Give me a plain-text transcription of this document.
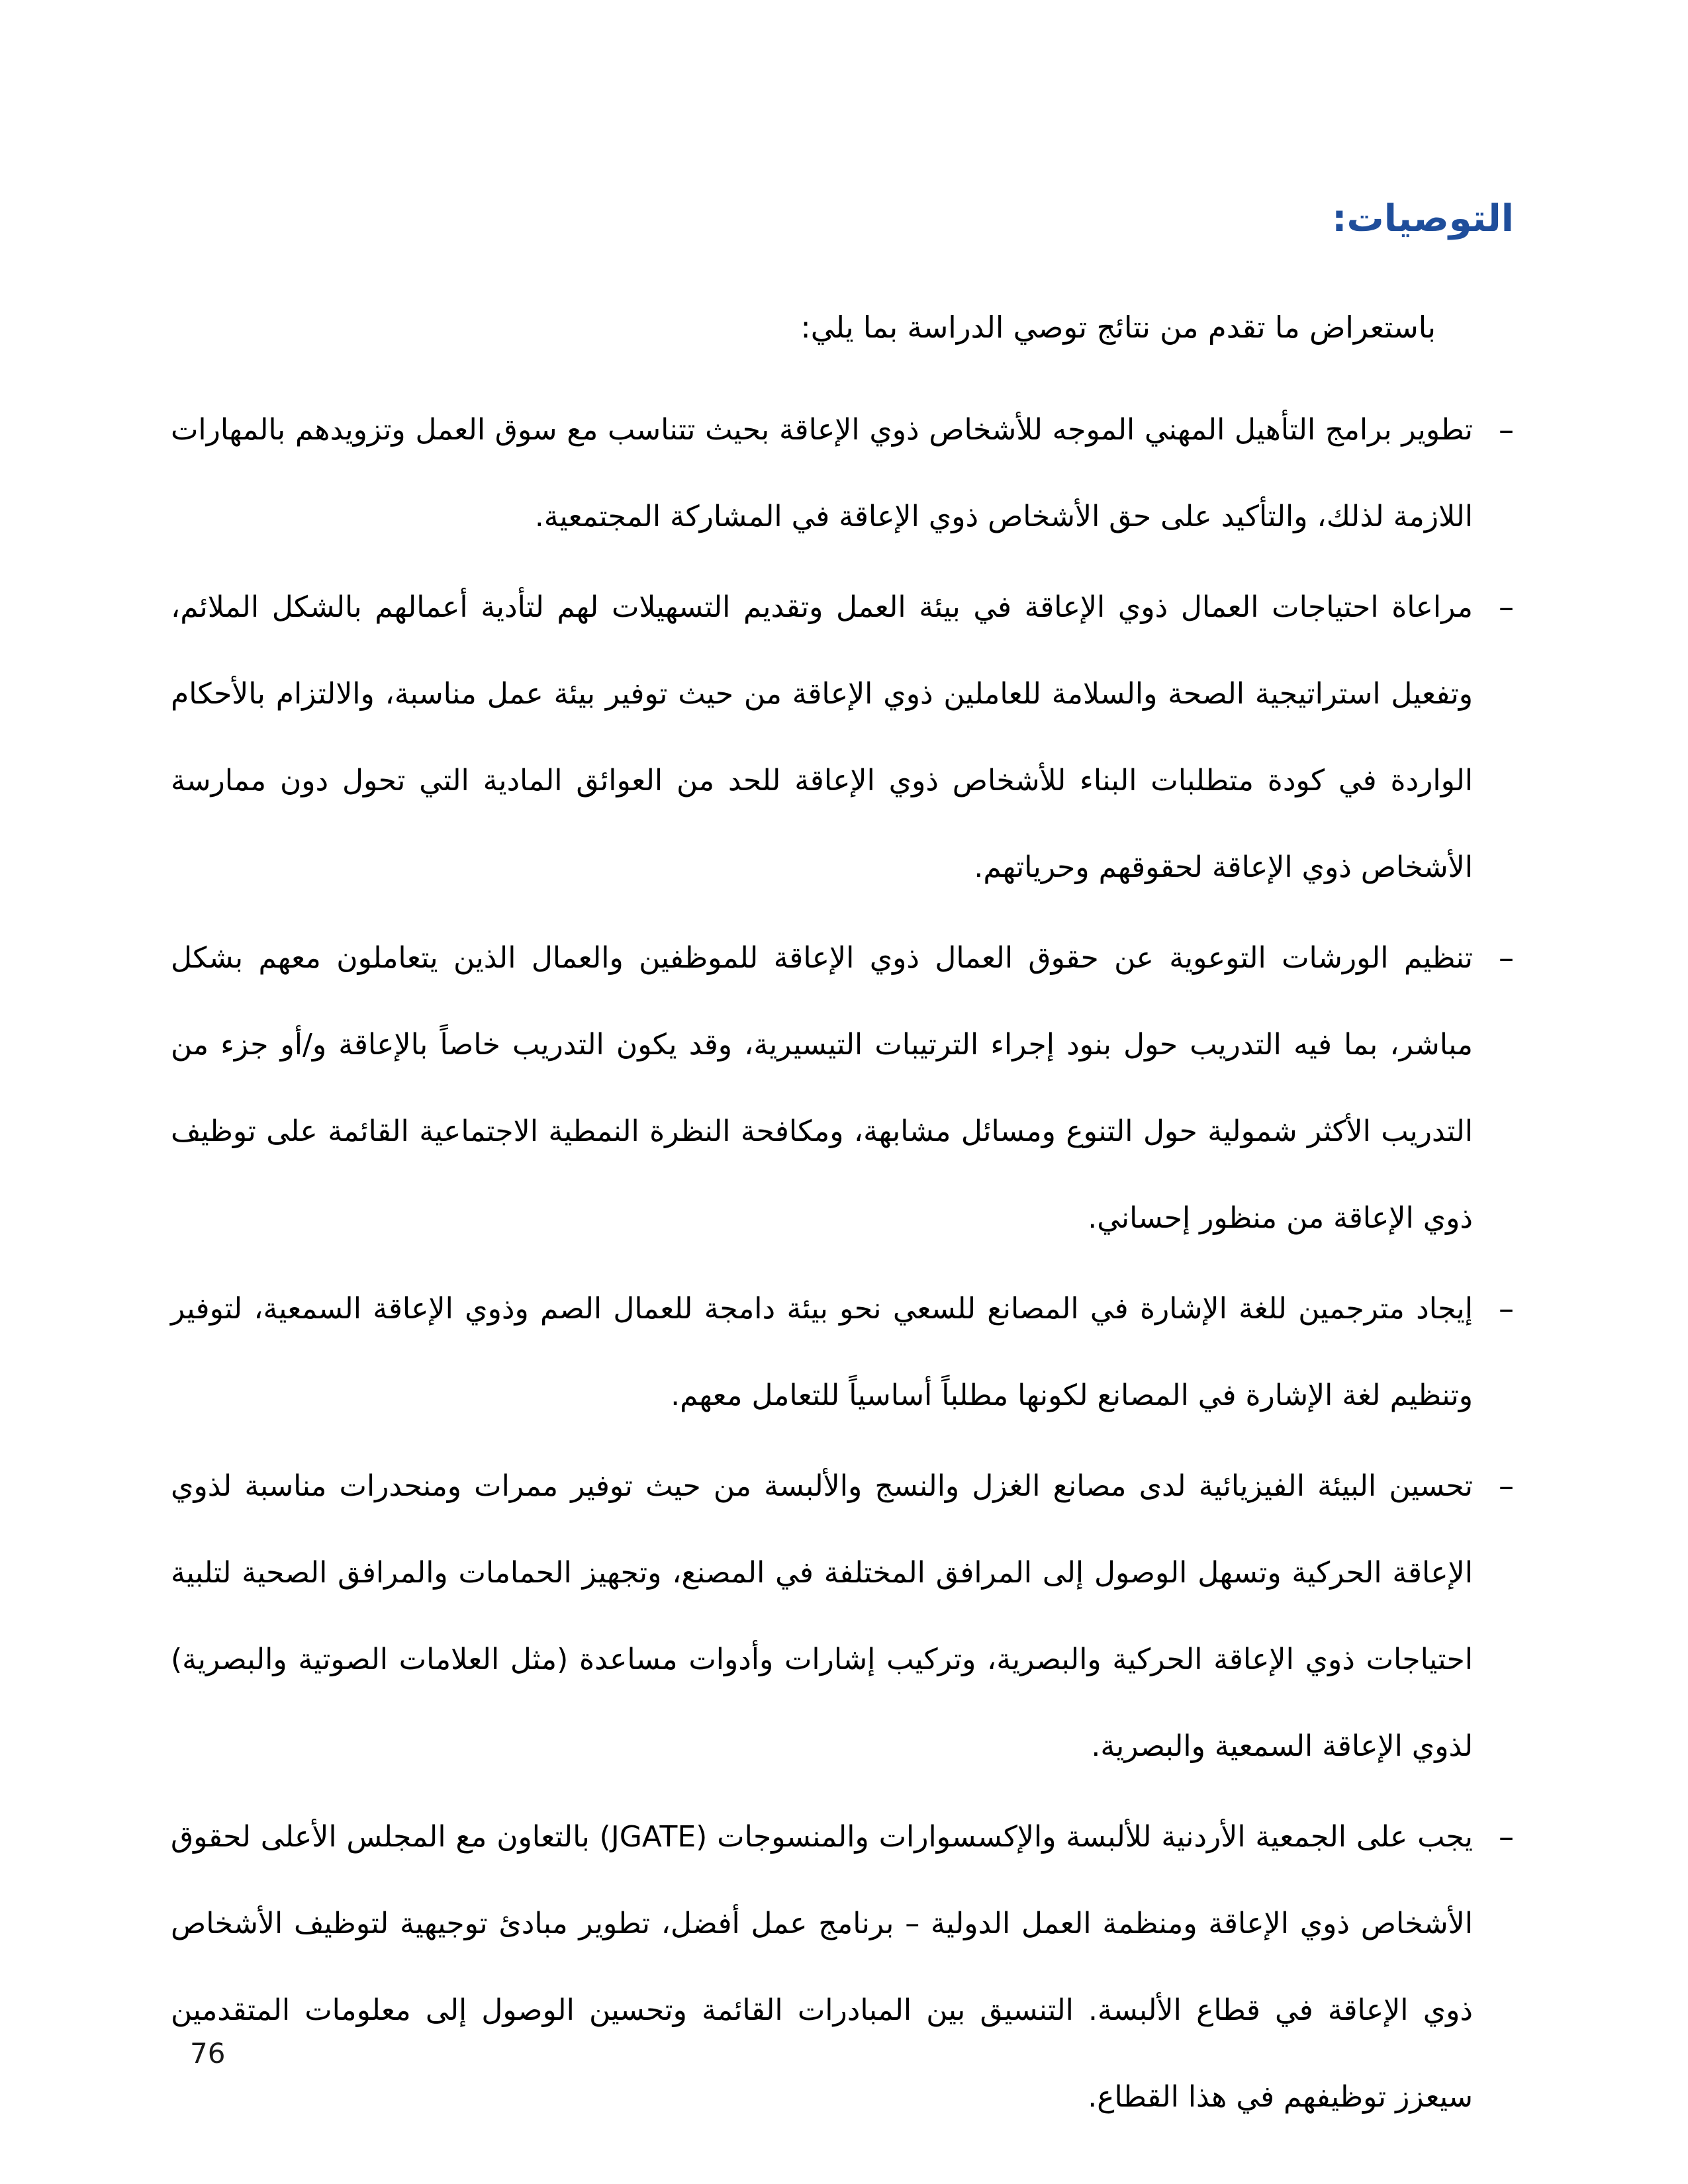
التوصيات:

باستعراض ما تقدم من نتائج توصي الدراسة بما يلي:

–

تطوير برامج التأهيل المهني الموجه للأشخاص ذوي الإعاقة بحيث تتناسب مع سوق العمل وتزويدهم بالمهارات اللازمة لذلك، والتأكيد على حق الأشخاص ذوي الإعاقة في المشاركة المجتمعية.

–

مراعاة احتياجات العمال ذوي الإعاقة في بيئة العمل وتقديم التسهيلات لهم لتأدية أعمالهم بالشكل الملائم، وتفعيل استراتيجية الصحة والسلامة للعاملين ذوي الإعاقة من حيث توفير بيئة عمل مناسبة، والالتزام بالأحكام الواردة في كودة متطلبات البناء للأشخاص ذوي الإعاقة للحد من العوائق المادية التي تحول دون ممارسة الأشخاص ذوي الإعاقة لحقوقهم وحرياتهم.

–

تنظيم الورشات التوعوية عن حقوق العمال ذوي الإعاقة للموظفين والعمال الذين يتعاملون معهم بشكل مباشر، بما فيه التدريب حول بنود إجراء الترتيبات التيسيرية، وقد يكون التدريب خاصاً بالإعاقة و/أو جزء من التدريب الأكثر شمولية حول التنوع ومسائل مشابهة، ومكافحة النظرة النمطية الاجتماعية القائمة على توظيف ذوي الإعاقة من منظور إحساني.

–

إيجاد مترجمين للغة الإشارة في المصانع للسعي نحو بيئة دامجة للعمال الصم وذوي الإعاقة السمعية، لتوفير وتنظيم لغة الإشارة في المصانع لكونها مطلباً أساسياً للتعامل معهم.

–

تحسين البيئة الفيزيائية لدى مصانع الغزل والنسج والألبسة من حيث توفير ممرات ومنحدرات مناسبة لذوي الإعاقة الحركية وتسهل الوصول إلى المرافق المختلفة في المصنع، وتجهيز الحمامات والمرافق الصحية لتلبية احتياجات ذوي الإعاقة الحركية والبصرية، وتركيب إشارات وأدوات مساعدة (مثل العلامات الصوتية والبصرية) لذوي الإعاقة السمعية والبصرية.

–

يجب على الجمعية الأردنية للألبسة والإكسسوارات والمنسوجات (JGATE) بالتعاون مع المجلس الأعلى لحقوق الأشخاص ذوي الإعاقة ومنظمة العمل الدولية – برنامج عمل أفضل، تطوير مبادئ توجيهية لتوظيف الأشخاص ذوي الإعاقة في قطاع الألبسة. التنسيق بين المبادرات القائمة وتحسين الوصول إلى معلومات المتقدمين سيعزز توظيفهم في هذا القطاع.

76
